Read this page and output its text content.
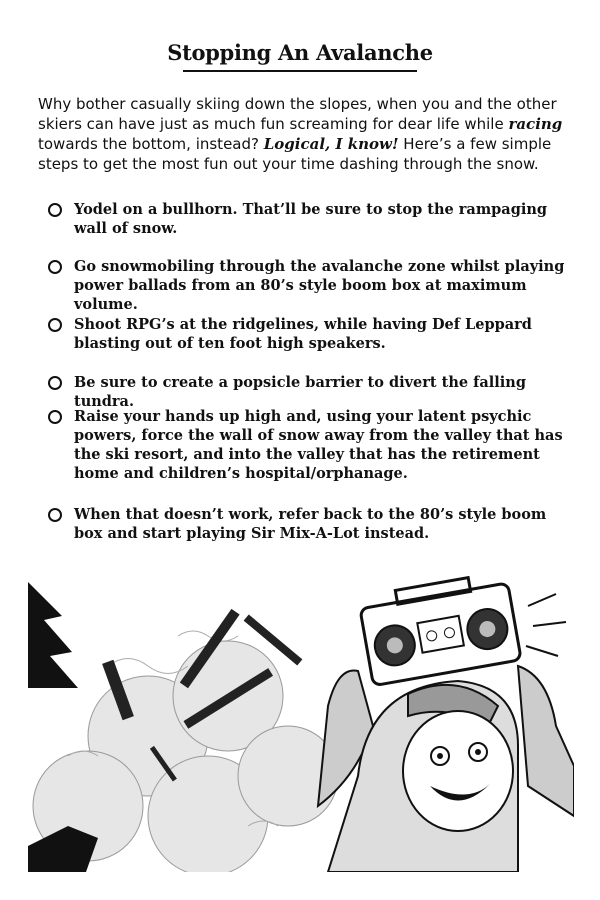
Stopping An Avalanche

Why bother casually skiing down the slopes, when you and the other skiers can have just as much fun screaming for dear life while racing towards the bottom, instead? Logical, I know! Here’s a few simple steps to get the most fun out your time dashing through the snow.

Yodel on a bullhorn. That’ll be sure to stop the rampaging wall of snow.
Go snowmobiling through the avalanche zone whilst playing power ballads from an 80’s style boom box at maximum volume.
Shoot RPG’s at the ridgelines, while having Def Leppard blasting out of ten foot high speakers.
Be sure to create a popsicle barrier to divert the falling tundra.
Raise your hands up high and, using your latent psychic powers, force the wall of snow away from the valley that has the ski resort, and into the valley that has the retirement home and children’s hospital/orphanage.
When that doesn’t work, refer back to the 80’s style boom box and start playing Sir Mix-A-Lot instead.
